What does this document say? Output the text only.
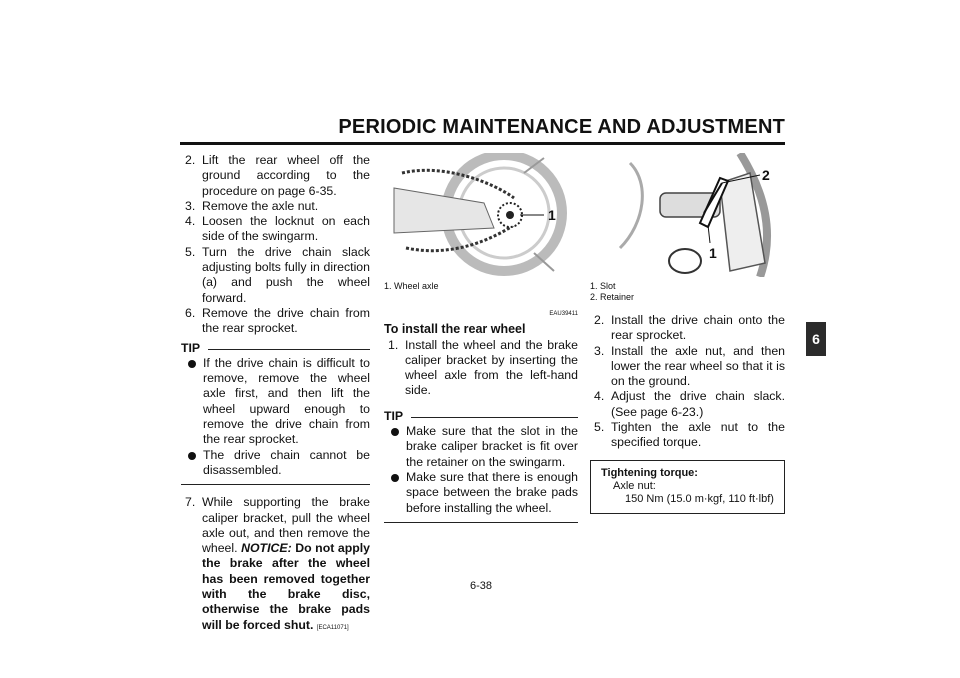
PERIODIC MAINTENANCE AND ADJUSTMENT
6
2. Lift the rear wheel off the ground according to the procedure on page 6-35.
3. Remove the axle nut.
4. Loosen the locknut on each side of the swingarm.
5. Turn the drive chain slack adjusting bolts fully in direction (a) and push the wheel forward.
6. Remove the drive chain from the rear sprocket.
TIP
If the drive chain is difficult to remove, remove the wheel axle first, and then lift the wheel upward enough to remove the drive chain from the rear sprocket.
The drive chain cannot be disassembled.
7. While supporting the brake caliper bracket, pull the wheel axle out, and then remove the wheel. NOTICE: Do not apply the brake after the wheel has been removed together with the brake disc, otherwise the brake pads will be forced shut. [ECA11071]
1
1. Wheel axle
EAU39411
To install the rear wheel
1. Install the wheel and the brake caliper bracket by inserting the wheel axle from the left-hand side.
TIP
Make sure that the slot in the brake caliper bracket is fit over the retainer on the swingarm.
Make sure that there is enough space between the brake pads before installing the wheel.
2
1
1. Slot
2. Retainer
2. Install the drive chain onto the rear sprocket.
3. Install the axle nut, and then lower the rear wheel so that it is on the ground.
4. Adjust the drive chain slack. (See page 6-23.)
5. Tighten the axle nut to the specified torque.
Tightening torque:
Axle nut:
150 Nm (15.0 m·kgf, 110 ft·lbf)
6-38
